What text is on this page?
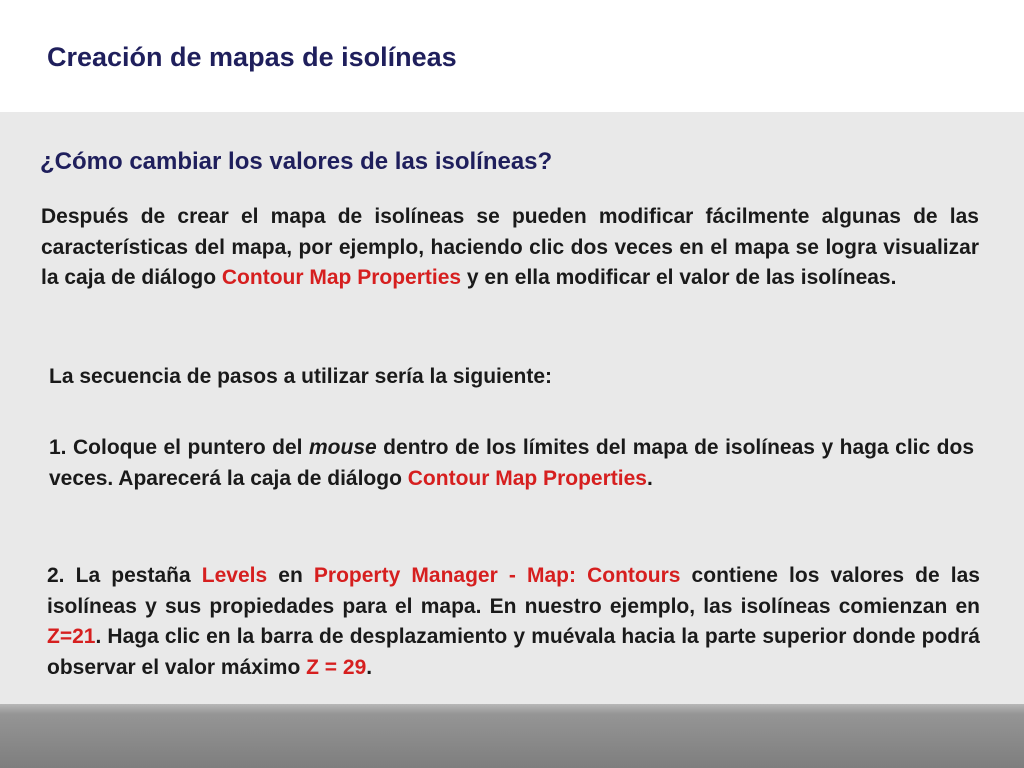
Creación de mapas de isolíneas
¿Cómo cambiar los valores de las isolíneas?
Después de crear el mapa de isolíneas se pueden modificar fácilmente algunas de las características del mapa, por ejemplo, haciendo clic dos veces en el mapa se logra visualizar la caja de diálogo Contour Map Properties y en ella modificar el valor de las isolíneas.
La secuencia de pasos a utilizar sería la siguiente:
1. Coloque el puntero del mouse dentro de los límites del mapa de isolíneas y haga clic dos veces. Aparecerá la caja de diálogo Contour Map Properties.
2. La pestaña Levels en Property Manager - Map: Contours contiene los valores de las isolíneas y sus propiedades para el mapa. En nuestro ejemplo, las isolíneas comienzan en Z=21. Haga clic en la barra de desplazamiento y muévala hacia la parte superior donde podrá observar el valor máximo Z = 29.
